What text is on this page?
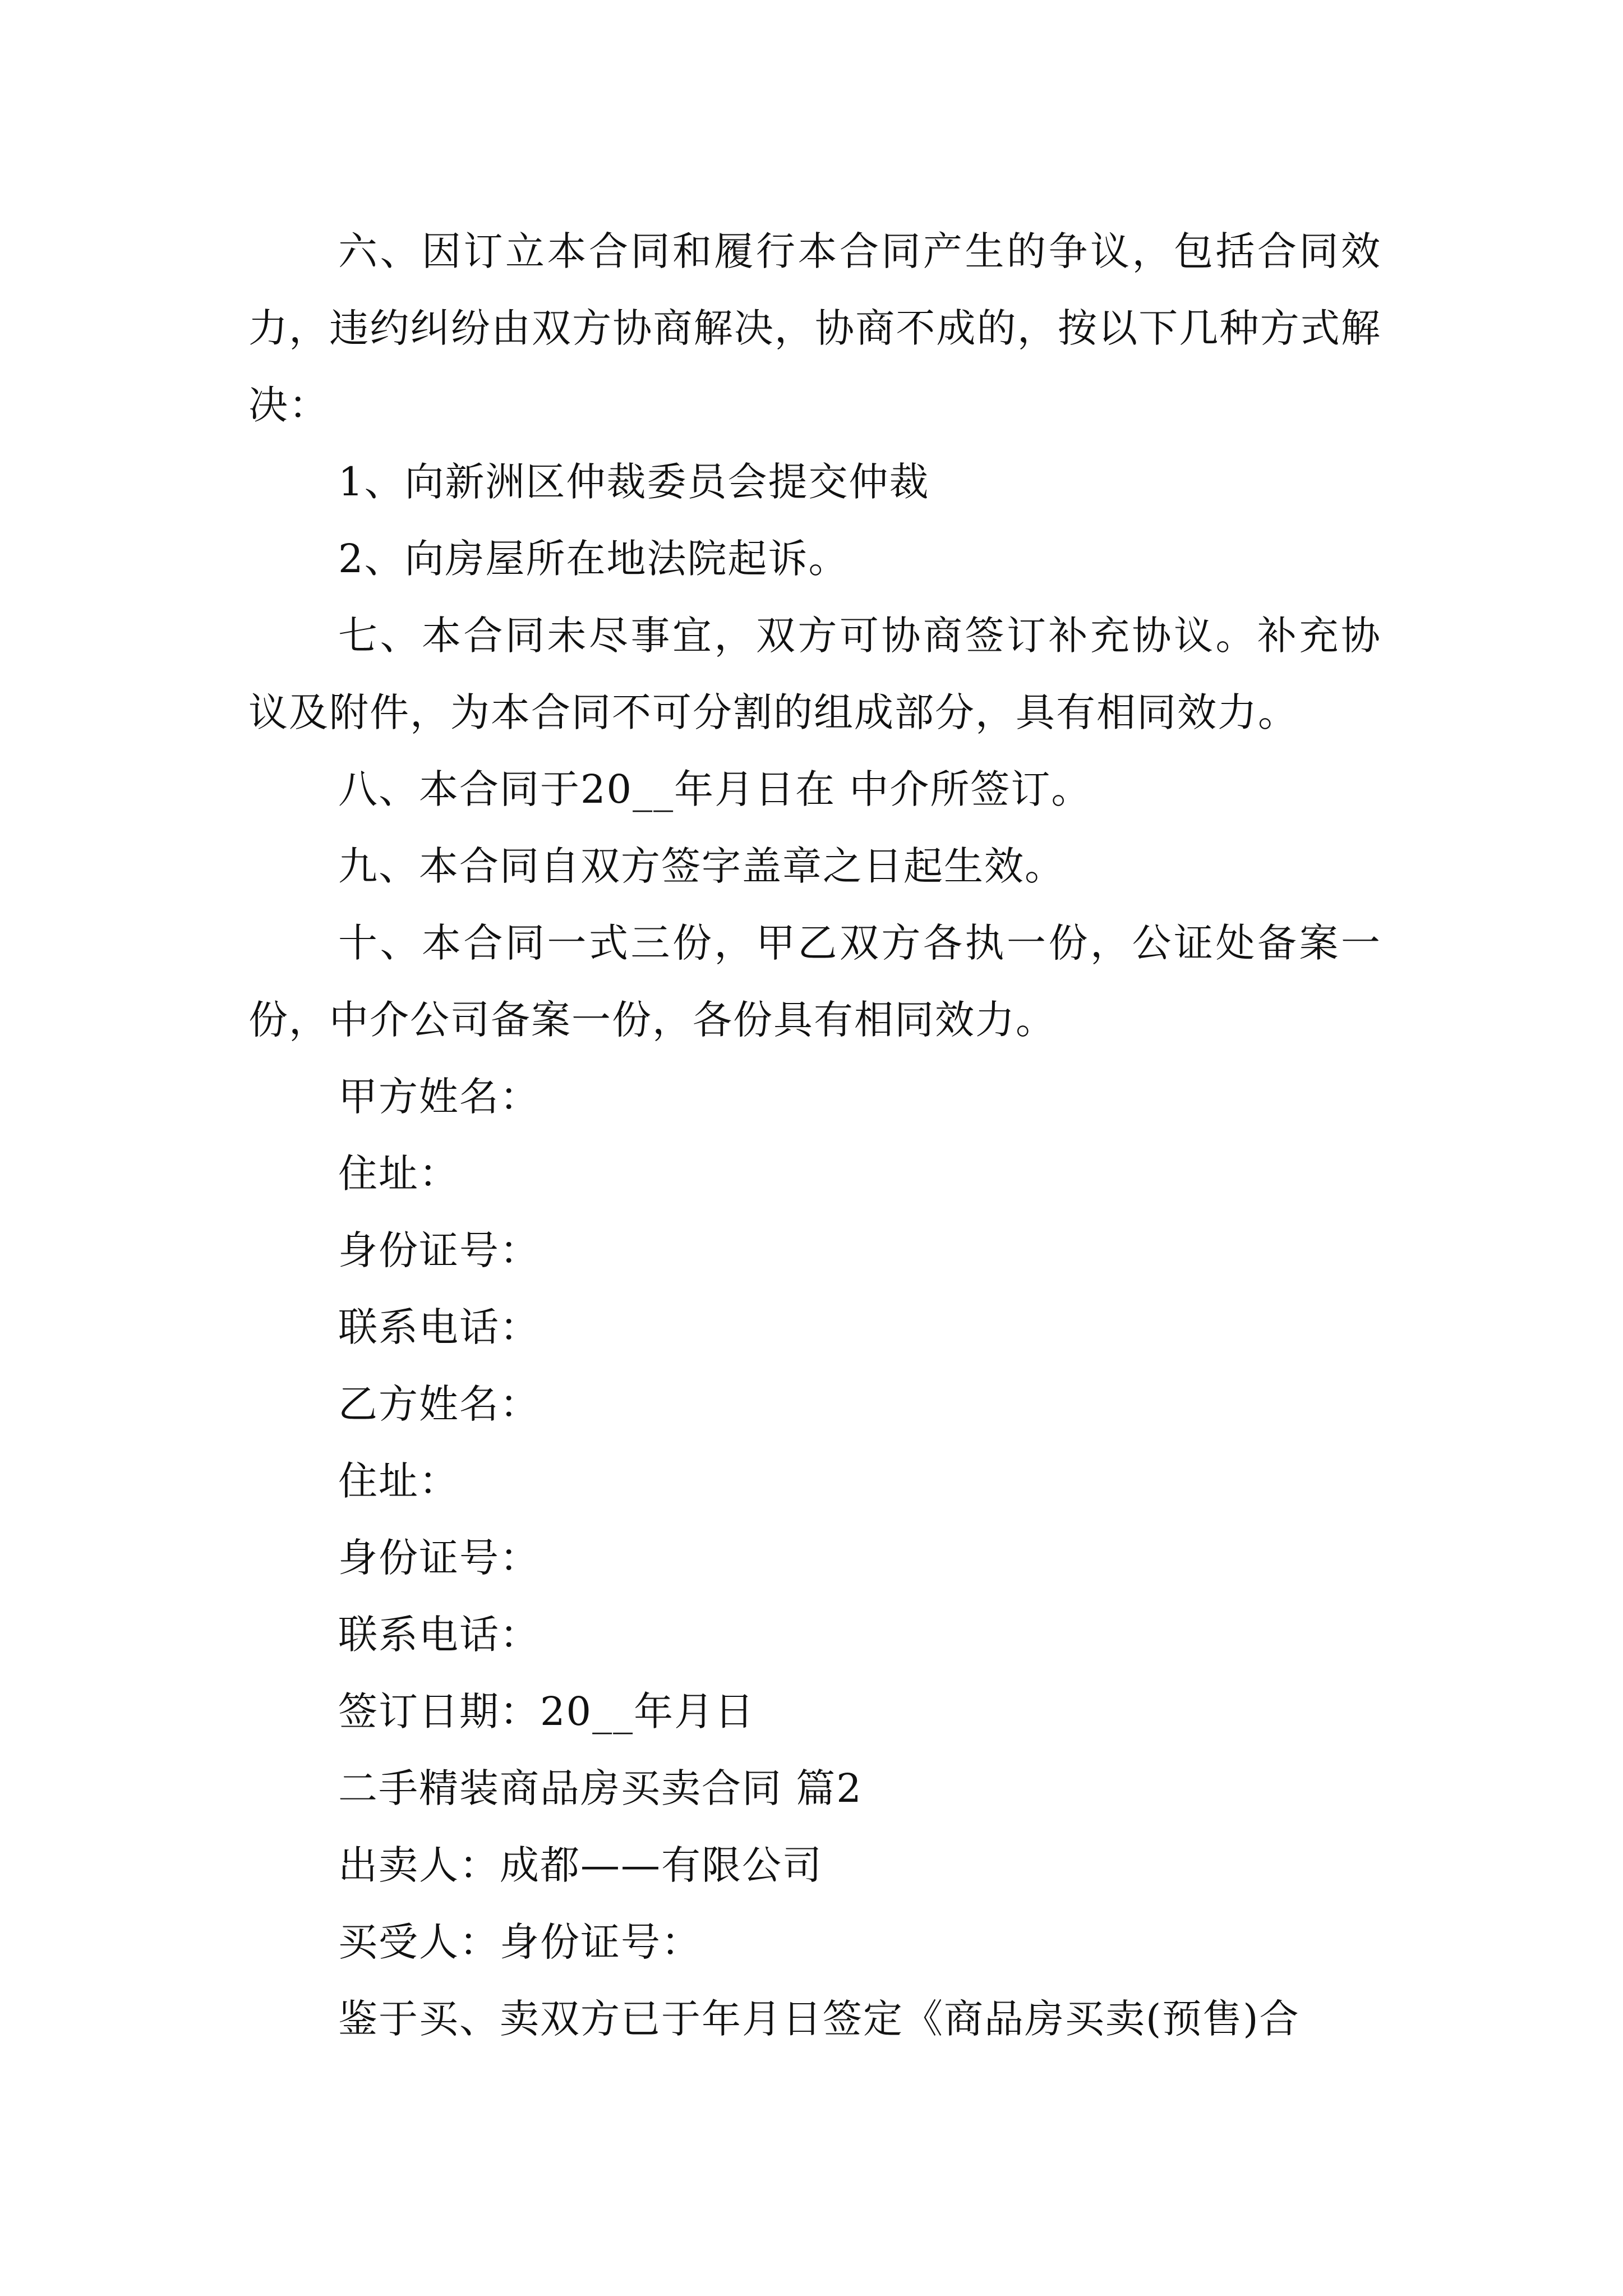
六、因订立本合同和履行本合同产生的争议，包括合同效力，违约纠纷由双方协商解决，协商不成的，按以下几种方式解决：

1、向新洲区仲裁委员会提交仲裁

2、向房屋所在地法院起诉。

七、本合同未尽事宜，双方可协商签订补充协议。补充协议及附件，为本合同不可分割的组成部分，具有相同效力。

八、本合同于20__年月日在 中介所签订。

九、本合同自双方签字盖章之日起生效。

十、本合同一式三份，甲乙双方各执一份，公证处备案一份，中介公司备案一份，各份具有相同效力。

甲方姓名：

住址：

身份证号：

联系电话：

乙方姓名：

住址：

身份证号：

联系电话：

签订日期：20__年月日

二手精装商品房买卖合同 篇2

出卖人：成都——有限公司

买受人：身份证号：

鉴于买、卖双方已于年月日签定《商品房买卖(预售)合
